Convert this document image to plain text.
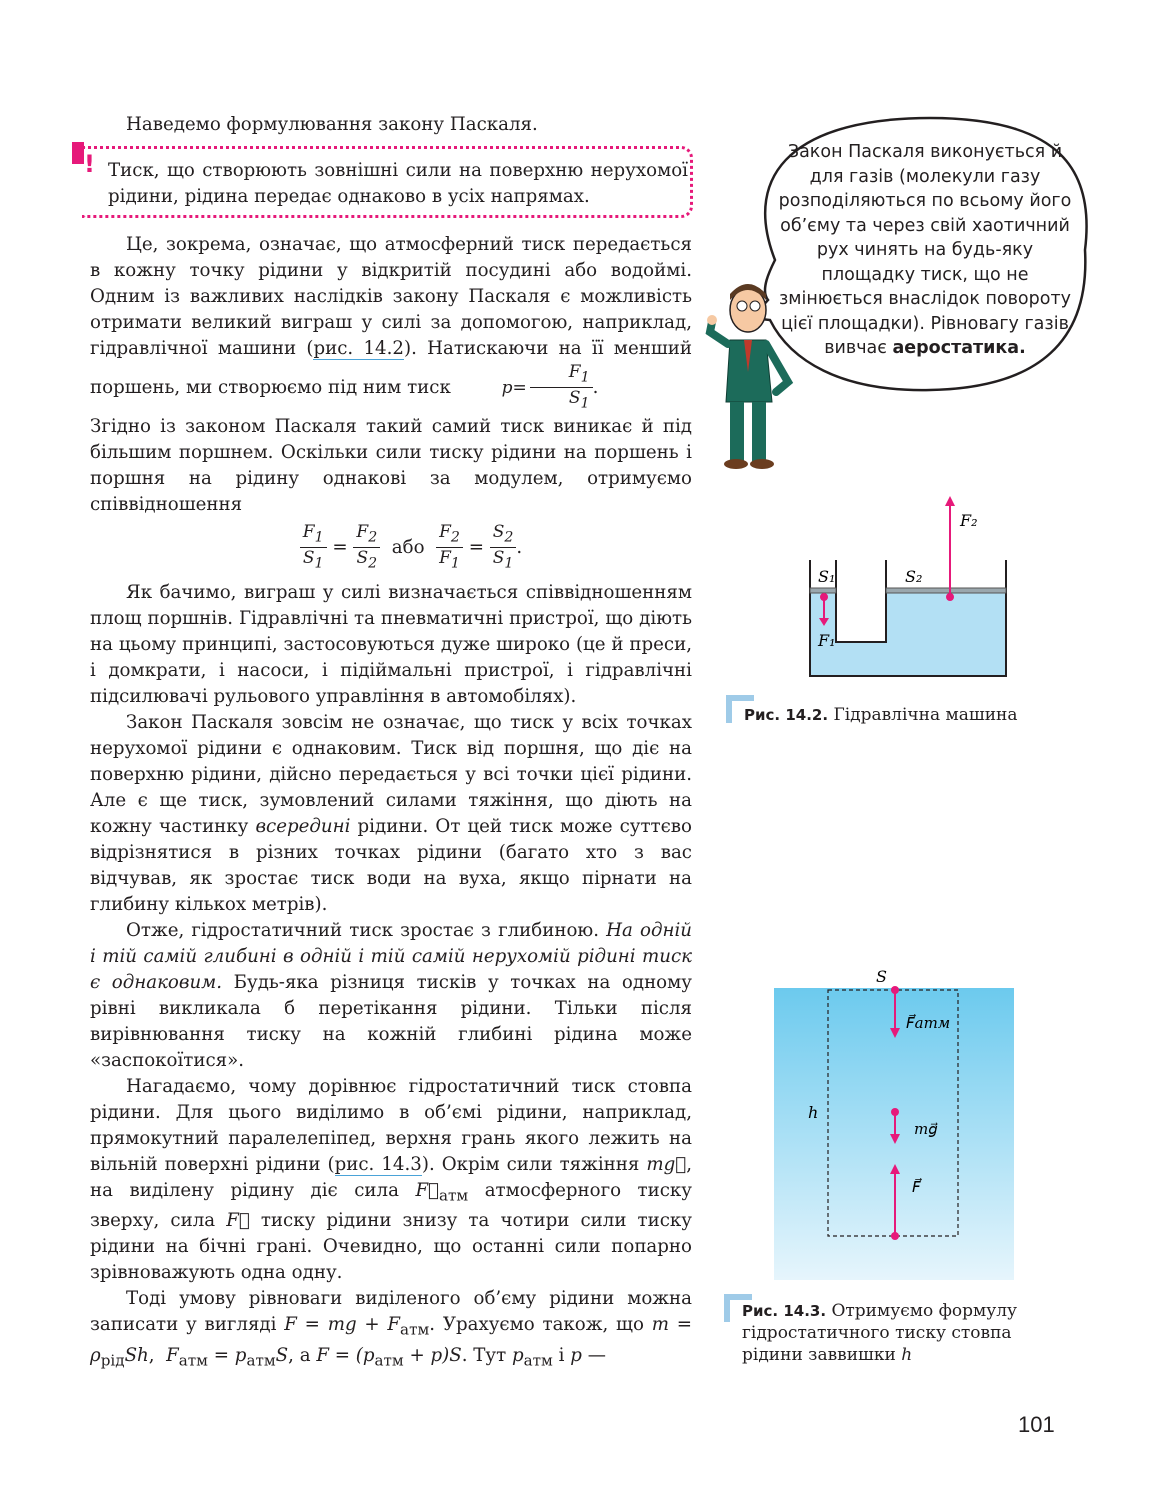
Наведемо формулювання закону Паскаля.

! Тиск, що створюють зовнішні сили на поверхню нерухомої рідини, рідина передає однаково в усіх напрямах.

Це, зокрема, означає, що атмосферний тиск передається в кожну точку рідини у відкритій посудині або водоймі. Одним із важливих наслідків закону Паскаля є можливість отримати великий виграш у силі за допомогою, наприклад, гідравлічної машини (рис. 14.2). Натискаючи на її менший поршень, ми створюємо під ним тиск	$p= \frac{F_1}{S_1}$ .

Згідно із законом Паскаля такий самий тиск виникає й під більшим поршнем. Оскільки сили тиску рідини на поршень і поршня на рідину однакові за модулем, отримуємо співвідношення

$\frac{F_1}{S_1} = \frac{F_2}{S_2}$ або $\frac{F_2}{F_1} = \frac{S_2}{S_1}$ .

Як бачимо, виграш у силі визначається співвідношенням площ поршнів. Гідравлічні та пневматичні пристрої, що діють на цьому принципі, застосовуються дуже широко (це й преси, і домкрати, і насоси, і підіймальні пристрої, і гідравлічні підсилювачі рульового управління в автомобілях).

Закон Паскаля зовсім не означає, що тиск у всіх точках нерухомої рідини є однаковим. Тиск від поршня, що діє на поверхню рідини, дійсно передається у всі точки цієї рідини. Але є ще тиск, зумовлений силами тяжіння, що діють на кожну частинку всередині рідини. От цей тиск може суттєво відрізнятися в різних точках рідини (багато хто з вас відчував, як зростає тиск води на вуха, якщо пірнати на глибину кількох метрів).

Отже, гідростатичний тиск зростає з глибиною. На одній і тій самій глибині в одній і тій самій нерухомій рідині тиск є однаковим. Будь-яка різниця тисків у точках на одному рівні викликала б перетікання рідини. Тільки після вирівнювання тиску на кожній глибині рідина може «заспокоїтися».

Нагадаємо, чому дорівнює гідростатичний тиск стовпа рідини. Для цього виділимо в об’ємі рідини, наприклад, прямокутний паралелепіпед, верхня грань якого лежить на вільній поверхні рідини (рис. 14.3). Окрім сили тяжіння mg⃗, на виділену рідину діє сила $F⃗_{атм}$ атмосферного тиску зверху, сила F⃗ тиску рідини знизу та чотири сили тиску рідини на бічні грані. Очевидно, що останні сили попарно зрівноважують одна одну.

Тоді умову рівноваги виділеного об’єму рідини можна записати у вигляді F = mg + $F_{атм}$. Урахуємо також, що $m = \rho_{рід}Sh$,  $F_{атм} = p_{атм}S$, а $F = (p_{атм} + p)S$. Тут $p_{атм}$ і p —

Закон Паскаля виконується й для газів (молекули газу розподіляються по всьому його об’єму та через свій хаотичний рух чинять на будь-яку площадку тиск, що не змінюється внаслідок повороту цієї площадки). Рівновагу газів вивчає аеростатика.
S₁	S₂
F₁
F₂
Рис. 14.2. Гідравлічна машина
S
h
F⃗атм
mg⃗
F⃗
Рис. 14.3. Отримуємо формулу гідростатичного тиску стовпа рідини заввишки h
101
